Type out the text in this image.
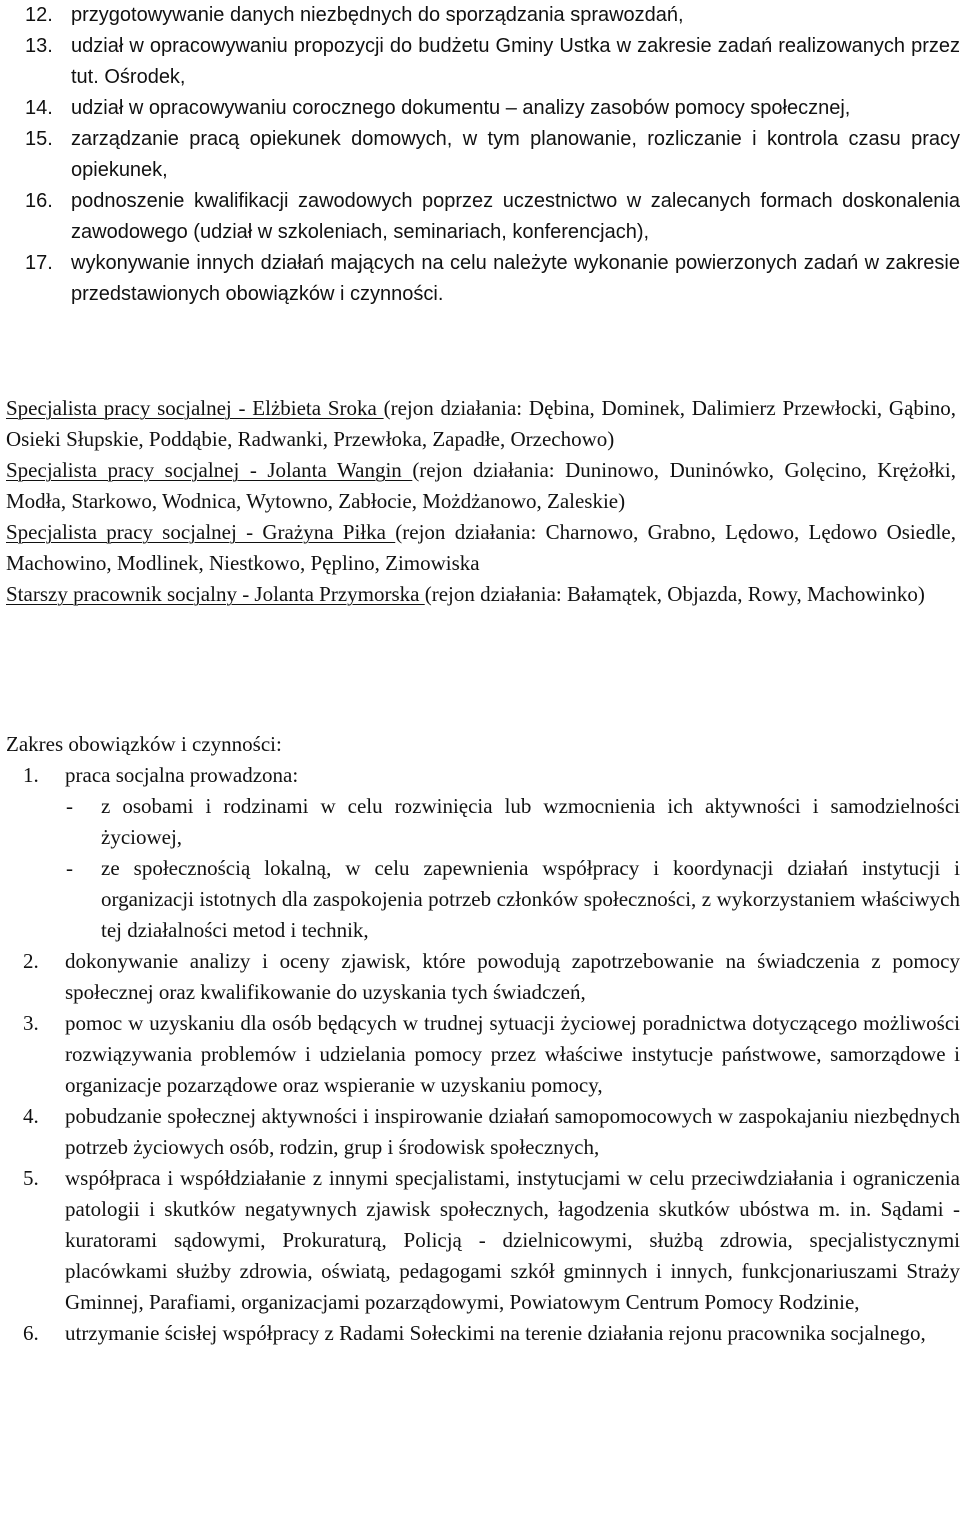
12. przygotowywanie danych niezbędnych do sporządzania sprawozdań,
13. udział w opracowywaniu propozycji do budżetu Gminy Ustka w zakresie zadań realizowanych przez tut. Ośrodek,
14. udział w opracowywaniu corocznego dokumentu – analizy zasobów pomocy społecznej,
15. zarządzanie pracą opiekunek domowych, w tym planowanie, rozliczanie i kontrola czasu pracy opiekunek,
16. podnoszenie kwalifikacji zawodowych poprzez uczestnictwo w zalecanych formach doskonalenia zawodowego (udział w szkoleniach, seminariach, konferencjach),
17. wykonywanie innych działań mających na celu należyte wykonanie powierzonych zadań w zakresie przedstawionych obowiązków i czynności.
Specjalista pracy socjalnej - Elżbieta Sroka (rejon działania: Dębina, Dominek, Dalimierz Przewłocki, Gąbino, Osieki Słupskie, Poddąbie, Radwanki, Przewłoka, Zapadłe, Orzechowo)
Specjalista pracy socjalnej - Jolanta Wangin (rejon działania: Duninowo, Duninówko, Golęcino, Krężołki, Modła, Starkowo, Wodnica, Wytowno, Zabłocie, Możdżanowo, Zaleskie)
Specjalista pracy socjalnej - Grażyna Piłka (rejon działania: Charnowo, Grabno, Lędowo, Lędowo Osiedle, Machowino, Modlinek, Niestkowo, Pęplino, Zimowiska
Starszy pracownik socjalny - Jolanta Przymorska (rejon działania: Bałamątek, Objazda, Rowy, Machowinko)
Zakres obowiązków i czynności:
1. praca socjalna prowadzona:
- z osobami i rodzinami w celu rozwinięcia lub wzmocnienia ich aktywności i samodzielności życiowej,
- ze społecznością lokalną, w celu zapewnienia współpracy i koordynacji działań instytucji i organizacji istotnych dla zaspokojenia potrzeb członków społeczności, z wykorzystaniem właściwych tej działalności metod i technik,
2. dokonywanie analizy i oceny zjawisk, które powodują zapotrzebowanie na świadczenia z pomocy społecznej oraz kwalifikowanie do uzyskania tych świadczeń,
3. pomoc w uzyskaniu dla osób będących w trudnej sytuacji życiowej poradnictwa dotyczącego możliwości rozwiązywania problemów i udzielania pomocy przez właściwe instytucje państwowe, samorządowe i organizacje pozarządowe oraz wspieranie w uzyskaniu pomocy,
4. pobudzanie społecznej aktywności i inspirowanie działań samopomocowych w zaspokajaniu niezbędnych potrzeb życiowych osób, rodzin, grup i środowisk społecznych,
5. współpraca i współdziałanie z innymi specjalistami, instytucjami w celu przeciwdziałania i ograniczenia patologii i skutków negatywnych zjawisk społecznych, łagodzenia skutków ubóstwa m. in. Sądami - kuratorami sądowymi, Prokuraturą, Policją - dzielnicowymi, służbą zdrowia, specjalistycznymi placówkami służby zdrowia, oświatą, pedagogami szkół gminnych i innych, funkcjonariuszami Straży Gminnej, Parafiami, organizacjami pozarządowymi, Powiatowym Centrum Pomocy Rodzinie,
6. utrzymanie ścisłej współpracy z Radami Sołeckimi na terenie działania rejonu pracownika socjalnego,
